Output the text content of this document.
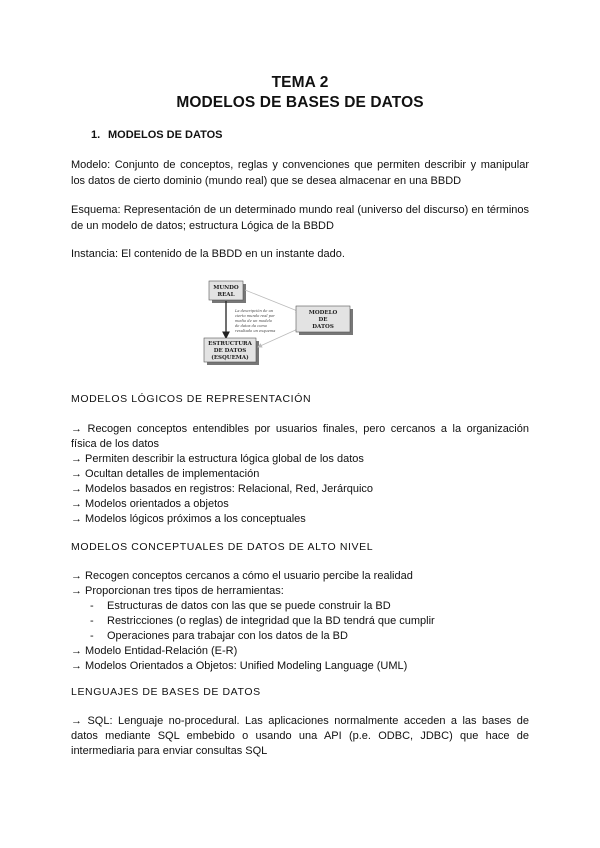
TEMA 2
MODELOS DE BASES DE DATOS
1. MODELOS DE DATOS
Modelo: Conjunto de conceptos, reglas y convenciones que permiten describir y manipular los datos de cierto dominio (mundo real) que se desea almacenar en una BBDD
Esquema: Representación de un determinado mundo real (universo del discurso) en términos de un modelo de datos; estructura Lógica de la BBDD
Instancia: El contenido de la BBDD en un instante dado.
MUNDO
REAL
MODELO
DE
DATOS
ESTRUCTURA
DE DATOS
(ESQUEMA)
La descripción de un
cierto mundo real por
medio de un modelo
de datos da como
resultado un esquema
MODELOS LÓGICOS DE REPRESENTACIÓN
→ Recogen conceptos entendibles por usuarios finales, pero cercanos a la organización física de los datos
→ Permiten describir la estructura lógica global de los datos
→ Ocultan detalles de implementación
→ Modelos basados en registros: Relacional, Red, Jerárquico
→ Modelos orientados a objetos
→ Modelos lógicos próximos a los conceptuales
MODELOS CONCEPTUALES DE DATOS DE ALTO NIVEL
→ Recogen conceptos cercanos a cómo el usuario percibe la realidad
→ Proporcionan tres tipos de herramientas:
- Estructuras de datos con las que se puede construir la BD
- Restricciones (o reglas) de integridad que la BD tendrá que cumplir
- Operaciones para trabajar con los datos de la BD
→ Modelo Entidad-Relación (E-R)
→ Modelos Orientados a Objetos: Unified Modeling Language (UML)
LENGUAJES DE BASES DE DATOS
→ SQL: Lenguaje no-procedural. Las aplicaciones normalmente acceden a las bases de datos mediante SQL embebido o usando una API (p.e. ODBC, JDBC) que hace de intermediaria para enviar consultas SQL
